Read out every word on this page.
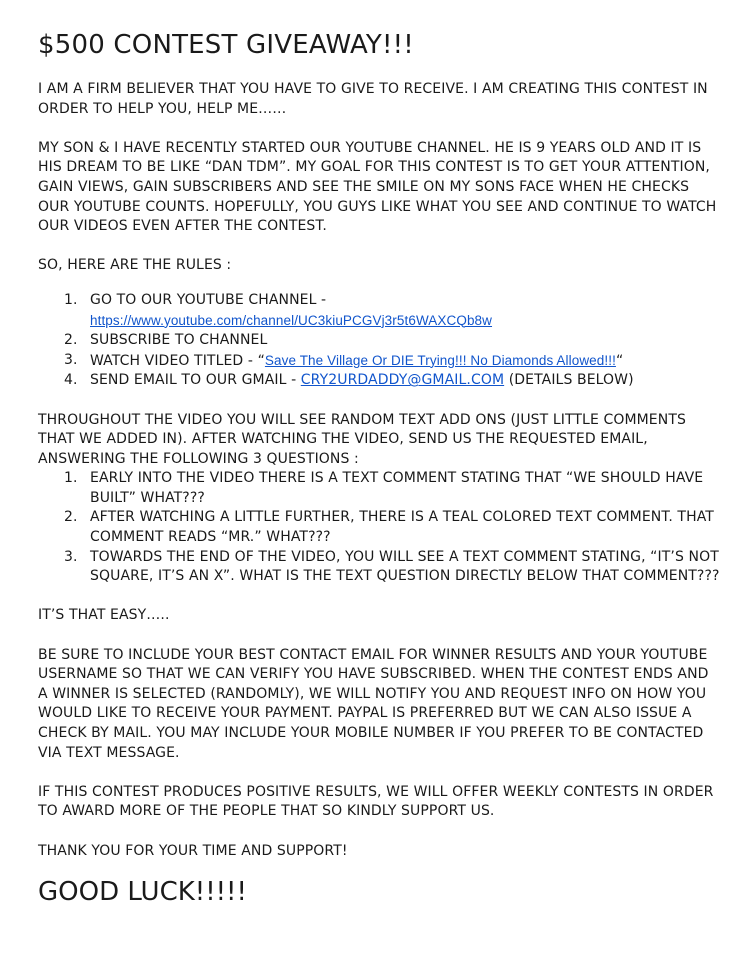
$500 CONTEST GIVEAWAY!!!

I AM A FIRM BELIEVER THAT YOU HAVE TO GIVE TO RECEIVE. I AM CREATING THIS CONTEST IN ORDER TO HELP YOU, HELP ME……

MY SON & I HAVE RECENTLY STARTED OUR YOUTUBE CHANNEL. HE IS 9 YEARS OLD AND IT IS HIS DREAM TO BE LIKE “DAN TDM”. MY GOAL FOR THIS CONTEST IS TO GET YOUR ATTENTION, GAIN VIEWS, GAIN SUBSCRIBERS AND SEE THE SMILE ON MY SONS FACE WHEN HE CHECKS OUR YOUTUBE COUNTS. HOPEFULLY, YOU GUYS LIKE WHAT YOU SEE AND CONTINUE TO WATCH OUR VIDEOS EVEN AFTER THE CONTEST.

SO, HERE ARE THE RULES :

1. GO TO OUR YOUTUBE CHANNEL -
https://www.youtube.com/channel/UC3kiuPCGVj3r5t6WAXCQb8w
2. SUBSCRIBE TO CHANNEL
3. WATCH VIDEO TITLED - “Save The Village Or DIE Trying!!! No Diamonds Allowed!!!“
4. SEND EMAIL TO OUR GMAIL - CRY2URDADDY@GMAIL.COM (DETAILS BELOW)

THROUGHOUT THE VIDEO YOU WILL SEE RANDOM TEXT ADD ONS (JUST LITTLE COMMENTS THAT WE ADDED IN). AFTER WATCHING THE VIDEO, SEND US THE REQUESTED EMAIL, ANSWERING THE FOLLOWING 3 QUESTIONS :

1. EARLY INTO THE VIDEO THERE IS A TEXT COMMENT STATING THAT “WE SHOULD HAVE BUILT” WHAT???
2. AFTER WATCHING A LITTLE FURTHER, THERE IS A TEAL COLORED TEXT COMMENT. THAT COMMENT READS “MR.” WHAT???
3. TOWARDS THE END OF THE VIDEO, YOU WILL SEE A TEXT COMMENT STATING, “IT’S NOT SQUARE, IT’S AN X”. WHAT IS THE TEXT QUESTION DIRECTLY BELOW THAT COMMENT???

IT’S THAT EASY…..

BE SURE TO INCLUDE YOUR BEST CONTACT EMAIL FOR WINNER RESULTS AND YOUR YOUTUBE USERNAME SO THAT WE CAN VERIFY YOU HAVE SUBSCRIBED. WHEN THE CONTEST ENDS AND A WINNER IS SELECTED (RANDOMLY), WE WILL NOTIFY YOU AND REQUEST INFO ON HOW YOU WOULD LIKE TO RECEIVE YOUR PAYMENT. PAYPAL IS PREFERRED BUT WE CAN ALSO ISSUE A CHECK BY MAIL. YOU MAY INCLUDE YOUR MOBILE NUMBER IF YOU PREFER TO BE CONTACTED VIA TEXT MESSAGE.

IF THIS CONTEST PRODUCES POSITIVE RESULTS, WE WILL OFFER WEEKLY CONTESTS IN ORDER TO AWARD MORE OF THE PEOPLE THAT SO KINDLY SUPPORT US.

THANK YOU FOR YOUR TIME AND SUPPORT!

GOOD LUCK!!!!!
